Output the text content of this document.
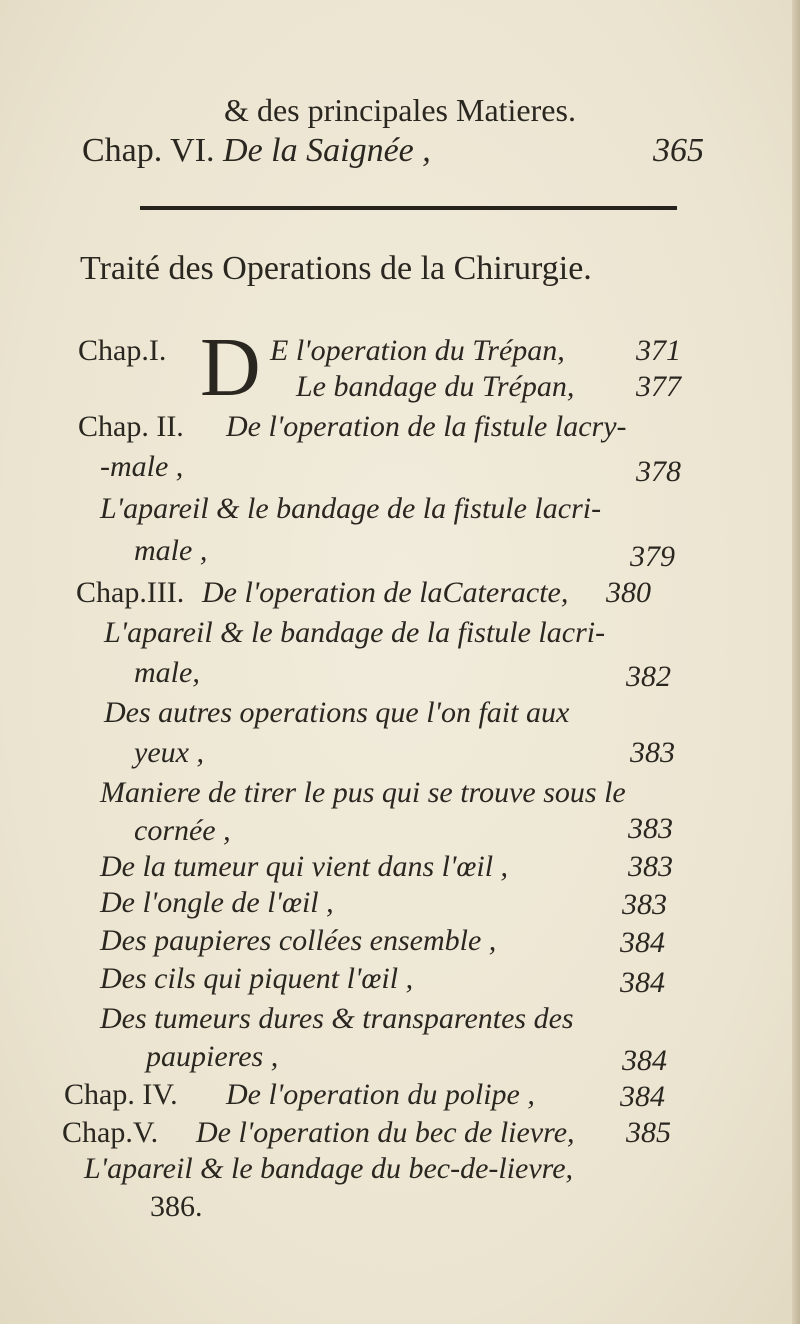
& des principales Matieres.
Chap. VI. De la Saignée ,	365
Traité des Operations de la Chirurgie.
Chap.I. D E l'operation du Trépan, 371
Le bandage du Trépan, 377
Chap. II. De l'operation de la fistule lacry-
-male ,	378
L'apareil & le bandage de la fistule lacri-
male ,	379
Chap.III. De l'operation de laCateracte, 380
L'apareil & le bandage de la fistule lacri-
male,	382
Des autres operations que l'on fait aux
yeux ,	383
Maniere de tirer le pus qui se trouve sous le
cornée ,	383
De la tumeur qui vient dans l'œil ,	383
De l'ongle de l'œil ,	383
Des paupieres collées ensemble ,	384
Des cils qui piquent l'œil ,	384
Des tumeurs dures & transparentes des
paupieres ,	384
Chap. IV. De l'operation du polipe ,	384
Chap.V. De l'operation du bec de lievre, 385
L'apareil & le bandage du bec-de-lievre,
386.
